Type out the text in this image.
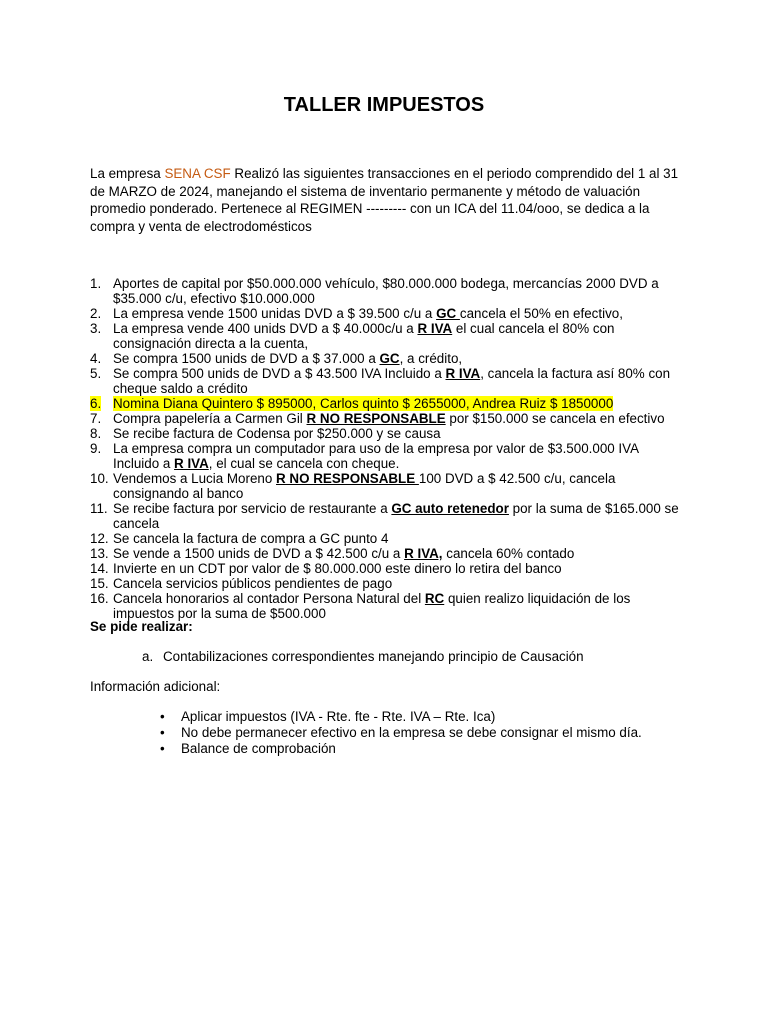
TALLER IMPUESTOS

La empresa SENA CSF Realizó las siguientes transacciones en el periodo comprendido del 1 al 31 de MARZO de 2024, manejando el sistema de inventario permanente y método de valuación promedio ponderado. Pertenece al REGIMEN --------- con un ICA del 11.04/ooo, se dedica a la compra y venta de electrodomésticos

1. Aportes de capital por $50.000.000 vehículo, $80.000.000 bodega, mercancías 2000 DVD a $35.000 c/u, efectivo $10.000.000
2. La empresa vende 1500 unidas DVD a $ 39.500 c/u a GC cancela el 50% en efectivo,
3. La empresa vende 400 unids DVD a $ 40.000c/u a R IVA el cual cancela el 80% con consignación directa a la cuenta,
4. Se compra 1500 unids de DVD a $ 37.000 a GC, a crédito,
5. Se compra 500 unids de DVD a $ 43.500 IVA Incluido a R IVA, cancela la factura así 80% con cheque saldo a crédito
6. Nomina Diana Quintero $ 895000, Carlos quinto $ 2655000, Andrea Ruiz $ 1850000
7. Compra papelería a Carmen Gil R NO RESPONSABLE por $150.000 se cancela en efectivo
8. Se recibe factura de Codensa por $250.000 y se causa
9. La empresa compra un computador para uso de la empresa por valor de $3.500.000 IVA Incluido a R IVA, el cual se cancela con cheque.
10. Vendemos a Lucia Moreno R NO RESPONSABLE 100 DVD a $ 42.500 c/u, cancela consignando al banco
11. Se recibe factura por servicio de restaurante a GC auto retenedor por la suma de $165.000 se cancela
12. Se cancela la factura de compra a GC punto 4
13. Se vende a 1500 unids de DVD a $ 42.500 c/u a R IVA, cancela 60% contado
14. Invierte en un CDT por valor de $ 80.000.000 este dinero lo retira del banco
15. Cancela servicios públicos pendientes de pago
16. Cancela honorarios al contador Persona Natural del RC quien realizo liquidación de los impuestos por la suma de $500.000
Se pide realizar:
a. Contabilizaciones correspondientes manejando principio de Causación
Información adicional:
• Aplicar impuestos (IVA - Rte. fte - Rte. IVA – Rte. Ica)
• No debe permanecer efectivo en la empresa se debe consignar el mismo día.
• Balance de comprobación
